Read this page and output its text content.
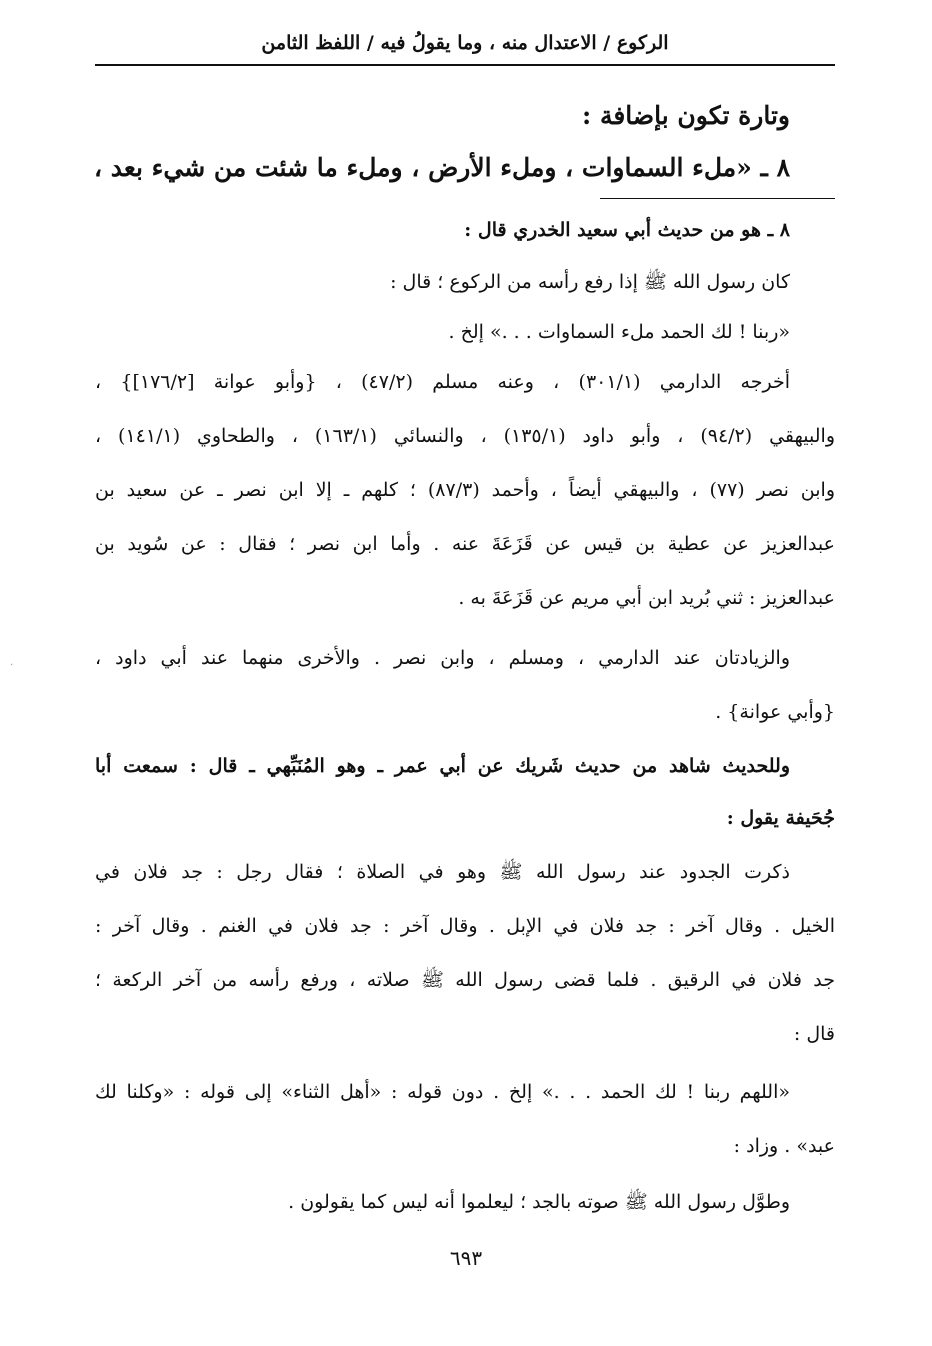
الركوع / الاعتدال منه ، وما يقولُ فيه / اللفظ الثامن
وتارة تكون بإضافة :
٨ ـ «ملء السماوات ، وملء الأرض ، وملء ما شئت من شيء بعد ،
٨ ـ هو من حديث أبي سعيد الخدري قال :
كان رسول الله ﷺ إذا رفع رأسه من الركوع ؛ قال :
«ربنا ! لك الحمد ملء السماوات . . .» إلخ .
أخرجه الدارمي (٣٠١/١) ، وعنه مسلم (٤٧/٢) ، {وأبو عوانة [١٧٦/٢]} ،
والبيهقي (٩٤/٢) ، وأبو داود (١٣٥/١) ، والنسائي (١٦٣/١) ، والطحاوي (١٤١/١) ،
وابن نصر (٧٧) ، والبيهقي أيضاً ، وأحمد (٨٧/٣) ؛ كلهم ـ إلا ابن نصر ـ عن سعيد بن
عبدالعزيز عن عطية بن قيس عن قَزَعَةَ عنه . وأما ابن نصر ؛ فقال : عن سُويد بن
عبدالعزيز : ثني بُريد ابن أبي مريم عن قَزَعَةَ به .
والزيادتان عند الدارمي ، ومسلم ، وابن نصر . والأخرى منهما عند أبي داود ،
{وأبي عوانة} .
وللحديث شاهد من حديث شَريك عن أبي عمر ـ وهو المُنَبِّهي ـ قال : سمعت أبا
جُحَيفة يقول :
ذكرت الجدود عند رسول الله ﷺ وهو في الصلاة ؛ فقال رجل : جد فلان في
الخيل . وقال آخر : جد فلان في الإبل . وقال آخر : جد فلان في الغنم . وقال آخر :
جد فلان في الرقيق . فلما قضى رسول الله ﷺ صلاته ، ورفع رأسه من آخر الركعة ؛
قال :
«اللهم ربنا ! لك الحمد . . .» إلخ . دون قوله : «أهل الثناء» إلى قوله : «وكلنا لك
عبد» . وزاد :
وطوَّل رسول الله ﷺ صوته بالجد ؛ ليعلموا أنه ليس كما يقولون .
٦٩٣
·
